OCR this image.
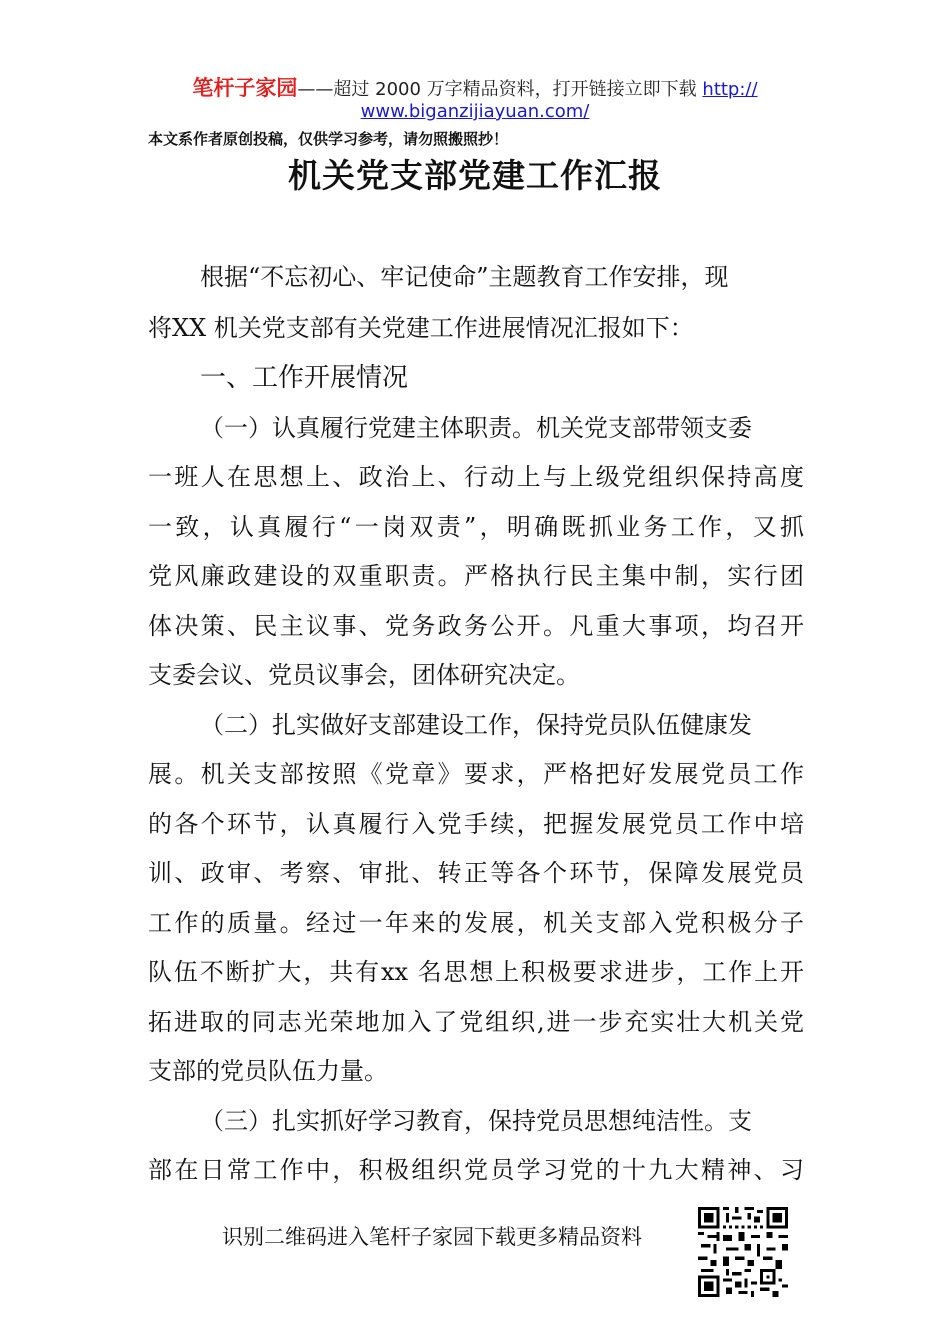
笔杆子家园——超过 2000 万字精品资料，打开链接立即下载 http://
www.biganzijiayuan.com/
本文系作者原创投稿，仅供学习参考，请勿照搬照抄！
机关党支部党建工作汇报
根据“不忘初心、牢记使命”主题教育工作安排，现
将XX 机关党支部有关党建工作进展情况汇报如下：
一、工作开展情况
（一）认真履行党建主体职责。机关党支部带领支委
一班人在思想上、政治上、行动上与上级党组织保持高度
一致，认真履行“一岗双责”，明确既抓业务工作，又抓
党风廉政建设的双重职责。严格执行民主集中制，实行团
体决策、民主议事、党务政务公开。凡重大事项，均召开
支委会议、党员议事会，团体研究决定。
（二）扎实做好支部建设工作，保持党员队伍健康发
展。机关支部按照《党章》要求，严格把好发展党员工作
的各个环节，认真履行入党手续，把握发展党员工作中培
训、政审、考察、审批、转正等各个环节，保障发展党员
工作的质量。经过一年来的发展，机关支部入党积极分子
队伍不断扩大，共有xx 名思想上积极要求进步，工作上开
拓进取的同志光荣地加入了党组织,进一步充实壮大机关党
支部的党员队伍力量。
（三）扎实抓好学习教育，保持党员思想纯洁性。支
部在日常工作中，积极组织党员学习党的十九大精神、习
识别二维码进入笔杆子家园下载更多精品资料
